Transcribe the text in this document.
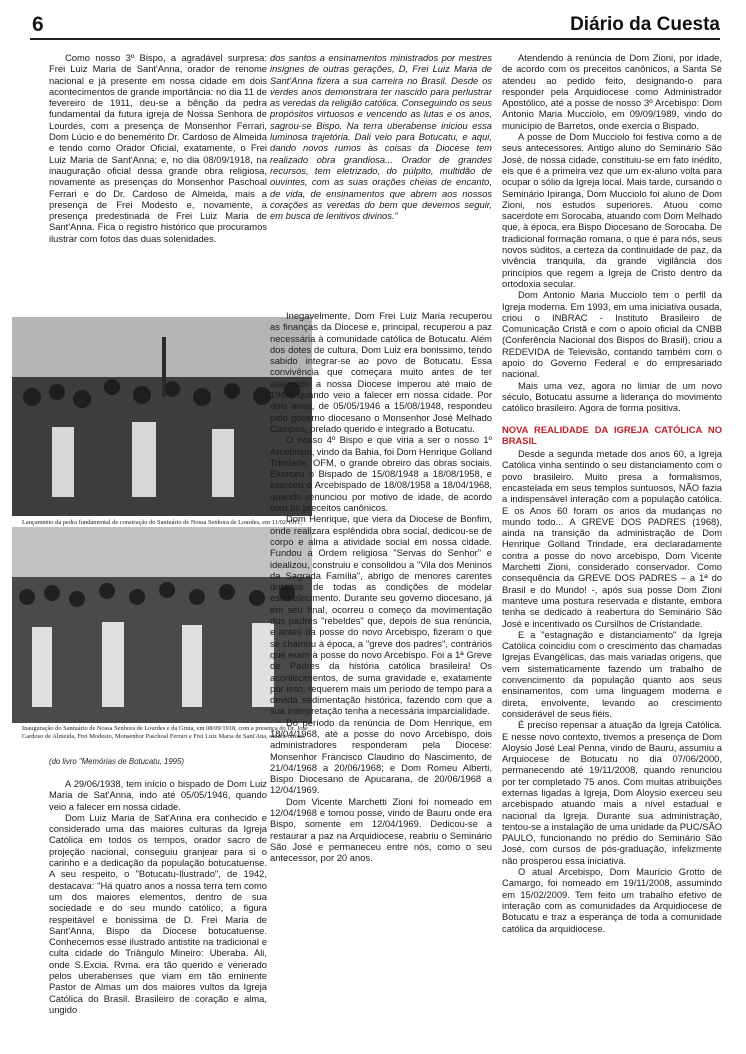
6	Diário da Cuesta

Como nosso 3º Bispo, a agradável surpresa: Frei Luiz Maria de Sant'Anna, orador de renome nacional e já presente em nossa cidade em dois acontecimentos de grande importância: no dia 11 de fevereiro de 1911, deu-se a bênção da pedra fundamental da futura igreja de Nossa Senhora de Lourdes, com a presença de Monsenhor Ferrari, Dom Lúcio e do benemérito Dr. Cardoso de Almeida e tendo como Orador Oficial, exatamente, o Frei Luiz Maria de Sant'Anna; e, no dia 08/09/1918, na inauguração oficial dessa grande obra religiosa, novamente as presenças do Monsenhor Paschoal Ferrari e do Dr. Cardoso de Almeida, mais a presença de Frei Modesto e, novamente, a presença predestinada de Frei Luiz Maria de Sant'Anna. Fica o registro histórico que procuramos ilustrar com fotos das duas solenidades.

Lançamento da pedra fundamental de construção do Santuário de Nossa Senhora de Lourdes, em 11/02/1911,
Inauguração do Santuário de Nossa Senhora de Lourdes e da Gruta, em 08/09/1918, com a presença do Dr. José Cardoso de Almeida, Frei Modesto, Monsenhor Paschoal Ferrari e Frei Luiz Maria de Sant'Ana, orador oficial.
(do livro "Memórias de Botucatu, 1995)

A 29/06/1938, tem início o bispado de Dom Luiz Maria de Sat'Anna, indo até 05/05/1946, quando veio a falecer em nossa cidade.

Dom Luiz Maria de Sat'Anna era conhecido e considerado uma das maiores culturas da Igreja Católica em todos os tempos, orador sacro de projeção nacional, conseguiu granjear para si o carinho e a dedicação da população botucatuense. A seu respeito, o "Botucatu-Ilustrado", de 1942, destacava: "Há quatro anos a nossa terra tem como um dos maiores elementos, dentro de sua sociedade e do seu mundo católico, a figura respeitável e bonissima de D. Frei Maria de Sant'Anna, Bispo da Diocese botucatuense. Conhecemos esse ilustrado antistite na tradicional e culta cidade do Triângulo Mineiro: Uberaba. Ali, onde S.Excia. Rvma. era tão querido e venerado pelos uberabenses que viam em tão eminente Pastor de Almas um dos maiores vultos da Igreja Católica do Brasil. Brasileiro de coração e alma, ungido

dos santos a ensinamentos ministrados por mestres insignes de outras gerações, D, Frei Luiz Maria de Sant'Anna fizera a sua carreira no Brasil. Desde os verdes anos demonstrara ter nascido para perlustrar as veredas da religião católica. Conseguindo os seus propósitos virtuosos e vencendo as lutas e os anos, sagrou-se Bispo. Na terra uberabense iniciou essa luminosa trajetória. Dali veio para Botucatu, e aqui, dando novos rumos às coisas da Diocese tem realizado obra grandiosa... Orador de grandes recursos, tem eletrizado, do púlpito, multidão de ouvintes, com as suas orações cheias de encanto, de vida, de ensinamentos que abrem aos nossos corações as veredas do bem que devemos seguir, em busca de lenitivos divinos."

Inegavelmente, Dom Frei Luiz Maria recuperou as finanças da Diocese e, principal, recuperou a paz necessária à comunidade católica de Botucatu. Além dos dotes de cultura, Dom Luiz era bonissimo, tendo sabido integrar-se ao povo de Botucatu. Essa convivência que começara muito antes de ter assumido a nossa Diocese imperou até maio de 1946, quando veio a falecer em nossa cidade. Por dois anos, de 05/05/1946 a 15/08/1948, respondeu pelo governo diocesano o Monsenhor José Melhado Campos, prelado querido e integrado a Botucatu.

O nosso 4º Bispo e que viria a ser o nosso 1º Arcebispo, vindo da Bahia, foi Dom Henrique Golland Trindade, OFM, o grande obreiro das obras sociais. Exerceu o Bispado de 15/08/1948 a 18/08/1958, e exerceu o Arcebispado de 18/08/1958 a 18/04/1968, quando renunciou por motivo de idade, de acordo com os preceitos canônicos.

Dom Henrique, que viera da Diocese de Bonfim, onde realizara esplêndida obra social, dedicou-se de corpo e alma a atividade social em nossa cidade. Fundou a Ordem religiosa "Servas do Senhor" e idealizou, construiu e consolidou a "Vila dos Meninos da Sagrada Família", abrigo de menores carentes dotados de todas as condições de modelar estabelecimento. Durante seu governo diocesano, já em seu final, ocorreu o começo da movimentação dos padres "rebeldes" que, depois de sua renúncia, e antes da posse do novo Arcebispo, fizeram o que se chamou à época, a "greve dos padres", contrários que eram à posse do novo Arcebispo. Foi a 1ª Greve de Padres da história católica brasileira! Os acontecimentos, de suma gravidade e, exatamente por isso, requerem mais um período de tempo para a devida sedimentação histórica, fazendo com que a sua interpretação tenha a necessária imparcialidade.

Do período da renúncia de Dom Henrique, em 18/04/1968, até a posse do novo Arcebispo, dois administradores responderam pela Diocese: Monsenhor Francisco Claudino do Nascimento, de 21/04/1968 a 20/06/1968; e Dom Romeu Alberti, Bispo Diocesano de Apucarana, de 20/06/1968 a 12/04/1969.

Dom Vicente Marchetti Zioni foi nomeado em 12/04/1968 e tomou posse, vindo de Bauru onde era Bispo, somente em 12/04/1969. Dedicou-se a restaurar a paz na Arquidiocese, reabriu o Seminário São José e permaneceu entre nós, como o seu antecessor, por 20 anos.

Atendendo à renúncia de Dom Zioni, por idade, de acordo com os preceitos canônicos, a Santa Sé atendeu ao pedido feito, designando-o para responder pela Arquidiocese como Administrador Apostólico, até a posse de nosso 3º Arcebispo: Dom Antonio Maria Mucciolo, em 09/09/1989, vindo do município de Barretos, onde exercia o Bispado.

A posse de Dom Mucciolo foi festiva como a de seus antecessores. Antigo aluno do Seminário São José, de nossa cidade, constituiu-se em fato inédito, eis que é a primeira vez que um ex-aluno volta para ocupar o sólio da Igreja local. Mais tarde, cursando o Seminário Ipiranga, Dom Mucciolo foi aluno de Dom Zioni, nos estudos superiores. Atuou como sacerdote em Sorocaba, atuando com Dom Melhado que, à época, era Bispo Diocesano de Sorocaba. De tradicional formação romana, o que é para nós, seus novos súditos, a certeza da continuidade de paz, da vivência tranquila, da grande vigilância dos princípios que regem a Igreja de Cristo dentro da ortodoxia secular.

Dom Antonio Maria Mucciolo tem o perfil da Igreja moderna. Em 1993, em uma iniciativa ousada, criou o INBRAC - Instituto Brasileiro de Comunicação Cristã e com o apoio oficial da CNBB (Conferência Nacional dos Bispos do Brasil), criou a REDEVIDA de Televisão, contando também com o apoio do Governo Federal e do empresariado nacional.

Mais uma vez, agora no limiar de um novo século, Botucatu assume a liderança do movimento católico brasileiro. Agora de forma positiva.

NOVA REALIDADE DA IGREJA CATÓLICA NO BRASIL

Desde a segunda metade dos anos 60, a Igreja Católica vinha sentindo o seu distanciamento com o povo brasileiro. Muito presa a formalismos, encastelada em seus templos suntuosos, NÃO fazia a indispensável interação com a população católica. E os Anos 60 foram os anos da mudanças no mundo todo... A GREVE DOS PADRES (1968), ainda na transição da administração de Dom Henrique Golland Trindade, era declaradamente contra a posse do novo arcebispo, Dom Vicente Marchetti Zioni, considerado conservador. Como consequência da GREVE DOS PADRES – a 1ª do Brasil e do Mundo! -, após sua posse Dom Zioni manteve uma postura reservada e distante, embora tenha se dedicado à reabertura do Seminário São José e incentivado os Cursilhos de Cristandade.

E a "estagnação e distanciamento" da Igreja Católica coincidiu com o crescimento das chamadas Igrejas Evangélicas, das mais variadas origens, que vem sistematicamente fazendo um trabalho de convencimento da população quanto aos seus ensinamentos, com uma linguagem moderna e direta, envolvente, levando ao crescimento considerável de seus fiéis.

É preciso repensar a atuação da Igreja Católica. E nesse novo contexto, tivemos a presença de Dom Aloysio José Leal Penna, vindo de Bauru, assumiu a Arquiocese de Botucatu no dia 07/06/2000, permanecendo até 19/11/2008, quando renunciou por ter completado 75 anos. Com muitas atribuições externas ligadas à Igreja, Dom Aloysio exerceu seu arcebispado atuando mais a nível estadual e nacional da Igreja. Durante sua administração, tentou-se a instalação de uma unidade da PUC/SÃO PAULO, funcionando no prédio do Seminário São José, com cursos de pós-graduação, infelizmente não prosperou essa iniciativa.

O atual Arcebispo, Dom Maurício Grotto de Camargo, foi nomeado em 19/11/2008, assumindo em 15/02/2009. Tem feito um trabalho efetivo de interação com as comunidades da Arquidiocese de Botucatu e traz a esperança de toda a comunidade católica da arquidiocese.
